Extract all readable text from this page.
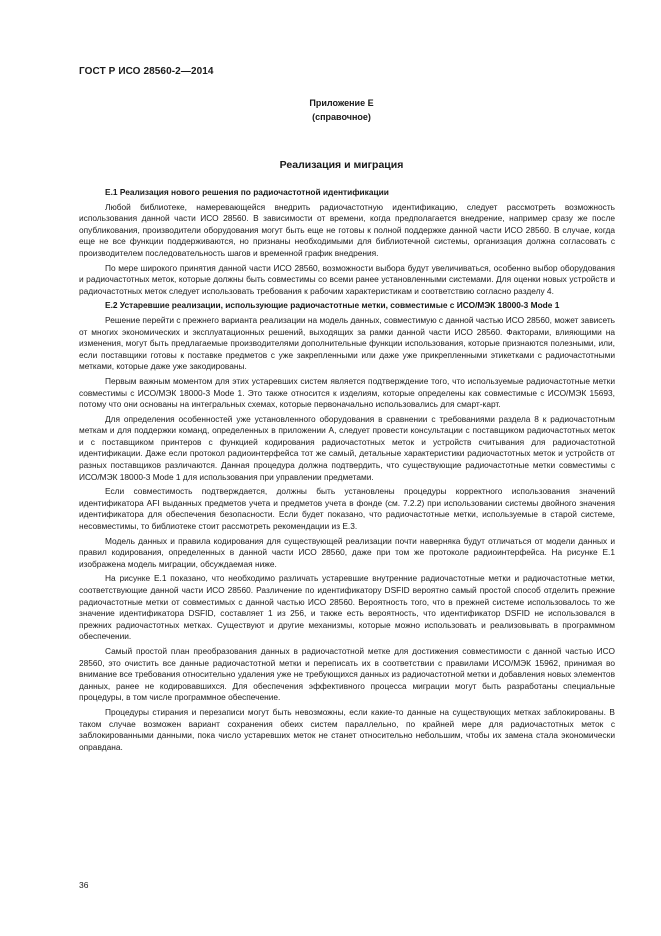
ГОСТ Р ИСО 28560-2—2014
Приложение Е
(справочное)
Реализация и миграция

Е.1 Реализация нового решения по радиочастотной идентификации

Любой библиотеке, намеревающейся внедрить радиочастотную идентификацию, следует рассмотреть возможность использования данной части ИСО 28560. В зависимости от времени, когда предполагается внедрение, например сразу же после опубликования, производители оборудования могут быть еще не готовы к полной поддержке данной части ИСО 28560. В случае, когда еще не все функции поддерживаются, но признаны необходимыми для библиотечной системы, организация должна согласовать с производителем последовательность шагов и временной график внедрения.

По мере широкого принятия данной части ИСО 28560, возможности выбора будут увеличиваться, особенно выбор оборудования и радиочастотных меток, которые должны быть совместимы со всеми ранее установленными системами. Для оценки новых устройств и радиочастотных меток следует использовать требования к рабочим характеристикам и соответствию согласно разделу 4.

Е.2 Устаревшие реализации, использующие радиочастотные метки, совместимые с ИСО/МЭК 18000-3 Mode 1

Решение перейти с прежнего варианта реализации на модель данных, совместимую с данной частью ИСО 28560, может зависеть от многих экономических и эксплуатационных решений, выходящих за рамки данной части ИСО 28560. Факторами, влияющими на изменения, могут быть предлагаемые производителями дополнительные функции использования, которые признаются полезными, или, если поставщики готовы к поставке предметов с уже закрепленными или даже уже прикрепленными этикетками с радиочастотными метками, которые даже уже закодированы.

Первым важным моментом для этих устаревших систем является подтверждение того, что используемые радиочастотные метки совместимы с ИСО/МЭК 18000-3 Mode 1. Это также относится к изделиям, которые определены как совместимые с ИСО/МЭК 15693, потому что они основаны на интегральных схемах, которые первоначально использовались для смарт-карт.

Для определения особенностей уже установленного оборудования в сравнении с требованиями раздела 8 к радиочастотным меткам и для поддержки команд, определенных в приложении А, следует провести консультации с поставщиком радиочастотных меток и с поставщиком принтеров с функцией кодирования радиочастотных меток и устройств считывания для радиочастотной идентификации. Даже если протокол радиоинтерфейса тот же самый, детальные характеристики радиочастотных меток и устройств от разных поставщиков различаются. Данная процедура должна подтвердить, что существующие радиочастотные метки совместимы с ИСО/МЭК 18000-3 Mode 1 для использования при управлении предметами.

Если совместимость подтверждается, должны быть установлены процедуры корректного использования значений идентификатора AFI выданных предметов учета и предметов учета в фонде (см. 7.2.2) при использовании системы двойного значения идентификатора для обеспечения безопасности. Если будет показано, что радиочастотные метки, используемые в старой системе, несовместимы, то библиотеке стоит рассмотреть рекомендации из Е.3.

Модель данных и правила кодирования для существующей реализации почти наверняка будут отличаться от модели данных и правил кодирования, определенных в данной части ИСО 28560, даже при том же протоколе радиоинтерфейса. На рисунке Е.1 изображена модель миграции, обсуждаемая ниже.

На рисунке Е.1 показано, что необходимо различать устаревшие внутренние радиочастотные метки и радиочастотные метки, соответствующие данной части ИСО 28560. Различение по идентификатору DSFID вероятно самый простой способ отделить прежние радиочастотные метки от совместимых с данной частью ИСО 28560. Вероятность того, что в прежней системе использовалось то же значение идентификатора DSFID, составляет 1 из 256, и также есть вероятность, что идентификатор DSFID не использовался в прежних радиочастотных метках. Существуют и другие механизмы, которые можно использовать и реализовывать в программном обеспечении.

Самый простой план преобразования данных в радиочастотной метке для достижения совместимости с данной частью ИСО 28560, это очистить все данные радиочастотной метки и переписать их в соответствии с правилами ИСО/МЭК 15962, принимая во внимание все требования относительно удаления уже не требующихся данных из радиочастотной метки и добавления новых элементов данных, ранее не кодировавшихся. Для обеспечения эффективного процесса миграции могут быть разработаны специальные процедуры, в том числе программное обеспечение.

Процедуры стирания и перезаписи могут быть невозможны, если какие-то данные на существующих метках заблокированы. В таком случае возможен вариант сохранения обеих систем параллельно, по крайней мере для радиочастотных меток с заблокированными данными, пока число устаревших меток не станет относительно небольшим, чтобы их замена стала экономически оправдана.

36
